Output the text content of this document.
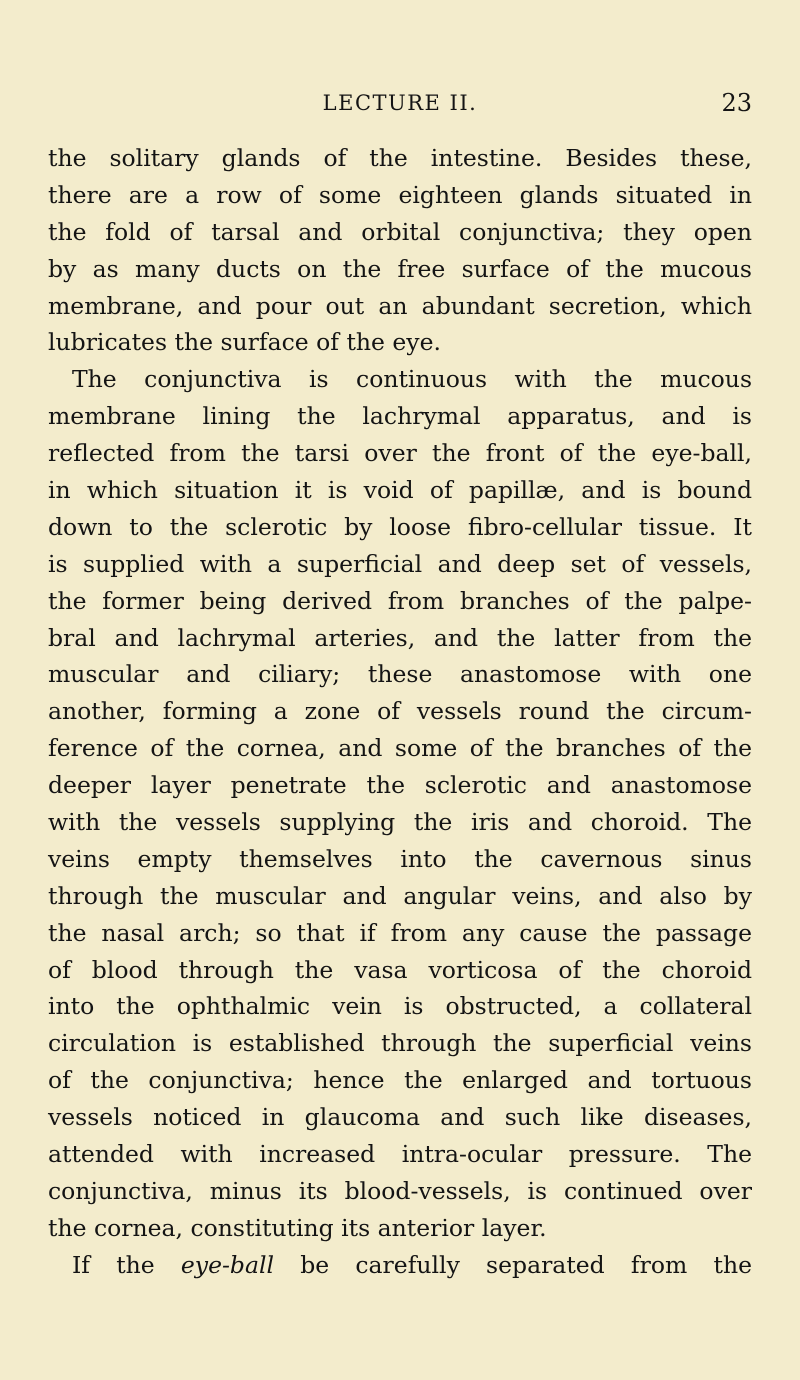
LECTURE II.	23
the solitary glands of the intestine. Besides these,
there are a row of some eighteen glands situated in
the fold of tarsal and orbital conjunctiva; they open
by as many ducts on the free surface of the mucous
membrane, and pour out an abundant secretion, which
lubricates the surface of the eye.
The conjunctiva is continuous with the mucous
membrane lining the lachrymal apparatus, and is
reflected from the tarsi over the front of the eye-ball,
in which situation it is void of papillæ, and is bound
down to the sclerotic by loose fibro-cellular tissue. It
is supplied with a superficial and deep set of vessels,
the former being derived from branches of the palpe-
bral and lachrymal arteries, and the latter from the
muscular and ciliary; these anastomose with one
another, forming a zone of vessels round the circum-
ference of the cornea, and some of the branches of the
deeper layer penetrate the sclerotic and anastomose
with the vessels supplying the iris and choroid. The
veins empty themselves into the cavernous sinus
through the muscular and angular veins, and also by
the nasal arch; so that if from any cause the passage
of blood through the vasa vorticosa of the choroid
into the ophthalmic vein is obstructed, a collateral
circulation is established through the superficial veins
of the conjunctiva; hence the enlarged and tortuous
vessels noticed in glaucoma and such like diseases,
attended with increased intra-ocular pressure. The
conjunctiva, minus its blood-vessels, is continued over
the cornea, constituting its anterior layer.
If the eye-ball be carefully separated from the
